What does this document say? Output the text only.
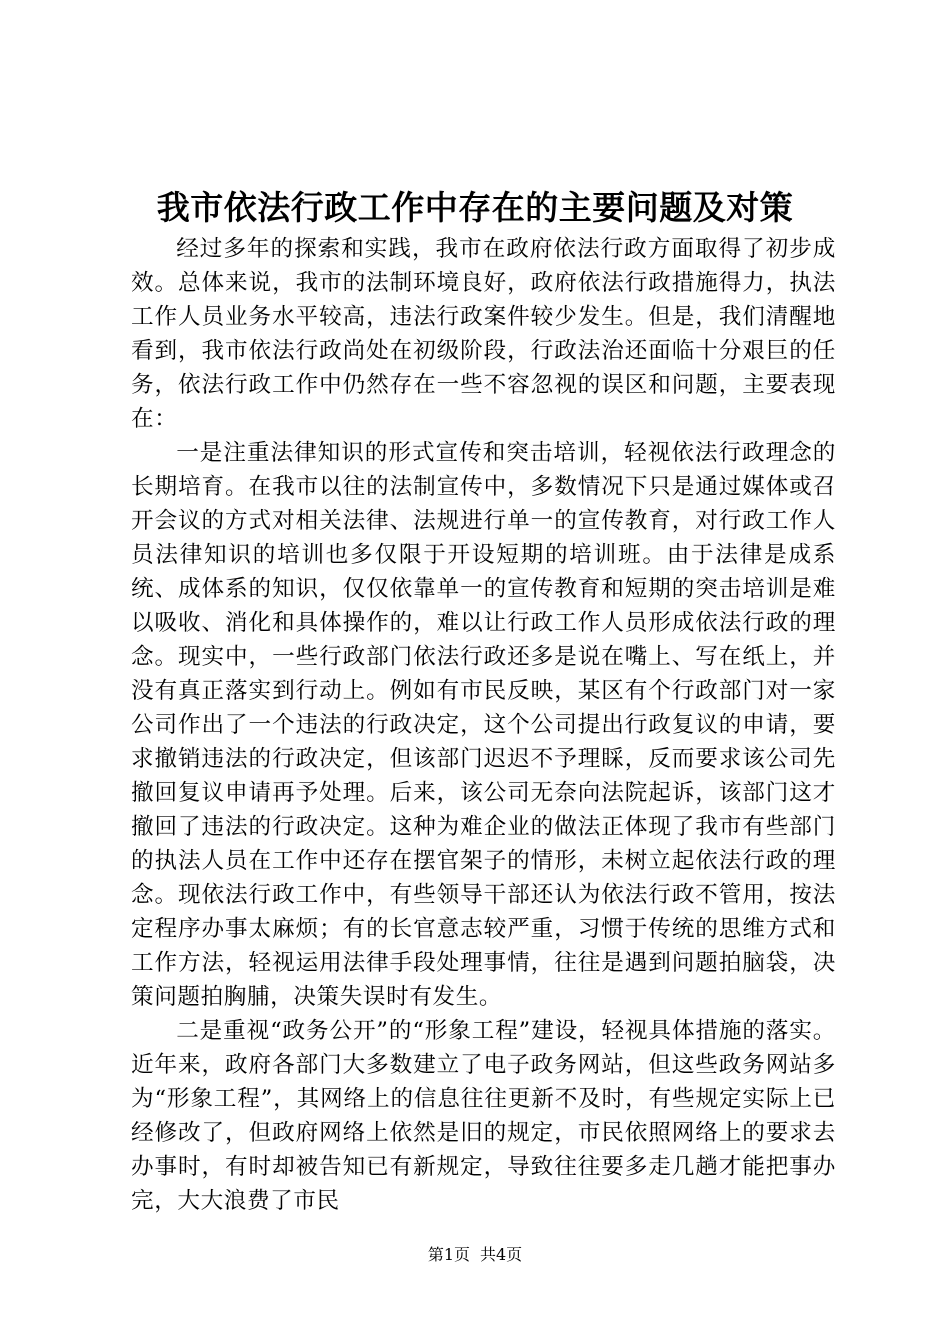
我市依法行政工作中存在的主要问题及对策

经过多年的探索和实践，我市在政府依法行政方面取得了初步成效。总体来说，我市的法制环境良好，政府依法行政措施得力，执法工作人员业务水平较高，违法行政案件较少发生。但是，我们清醒地看到，我市依法行政尚处在初级阶段，行政法治还面临十分艰巨的任务，依法行政工作中仍然存在一些不容忽视的误区和问题，主要表现在：

一是注重法律知识的形式宣传和突击培训，轻视依法行政理念的长期培育。在我市以往的法制宣传中，多数情况下只是通过媒体或召开会议的方式对相关法律、法规进行单一的宣传教育，对行政工作人员法律知识的培训也多仅限于开设短期的培训班。由于法律是成系统、成体系的知识，仅仅依靠单一的宣传教育和短期的突击培训是难以吸收、消化和具体操作的，难以让行政工作人员形成依法行政的理念。现实中，一些行政部门依法行政还多是说在嘴上、写在纸上，并没有真正落实到行动上。例如有市民反映，某区有个行政部门对一家公司作出了一个违法的行政决定，这个公司提出行政复议的申请，要求撤销违法的行政决定，但该部门迟迟不予理睬，反而要求该公司先撤回复议申请再予处理。后来，该公司无奈向法院起诉，该部门这才撤回了违法的行政决定。这种为难企业的做法正体现了我市有些部门的执法人员在工作中还存在摆官架子的情形，未树立起依法行政的理念。现依法行政工作中，有些领导干部还认为依法行政不管用，按法定程序办事太麻烦；有的长官意志较严重，习惯于传统的思维方式和工作方法，轻视运用法律手段处理事情，往往是遇到问题拍脑袋，决策问题拍胸脯，决策失误时有发生。

二是重视“政务公开”的“形象工程”建设，轻视具体措施的落实。近年来，政府各部门大多数建立了电子政务网站，但这些政务网站多为“形象工程”，其网络上的信息往往更新不及时，有些规定实际上已经修改了，但政府网络上依然是旧的规定，市民依照网络上的要求去办事时，有时却被告知已有新规定，导致往往要多走几趟才能把事办完，大大浪费了市民

第1页 共4页
